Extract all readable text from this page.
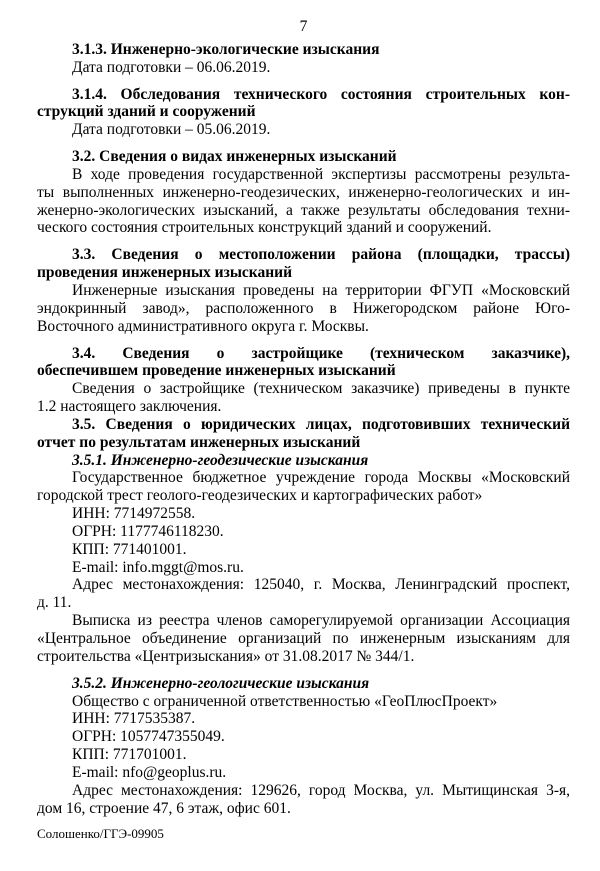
7
3.1.3. Инженерно-экологические изыскания
Дата подготовки – 06.06.2019.
3.1.4. Обследования технического состояния строительных кон-
струкций зданий и сооружений
Дата подготовки – 05.06.2019.
3.2. Сведения о видах инженерных изысканий
В ходе проведения государственной экспертизы рассмотрены результа-
ты выполненных инженерно-геодезических, инженерно-геологических и ин-
женерно-экологических изысканий, а также результаты обследования техни-
ческого состояния строительных конструкций зданий и сооружений.
3.3. Сведения о местоположении района (площадки, трассы)
проведения инженерных изысканий
Инженерные изыскания проведены на территории ФГУП «Московский
эндокринный завод», расположенного в Нижегородском районе Юго-
Восточного административного округа г. Москвы.
3.4. Сведения о застройщике (техническом заказчике),
обеспечившем проведение инженерных изысканий
Сведения о застройщике (техническом заказчике) приведены в пункте
1.2 настоящего заключения.
3.5. Сведения о юридических лицах, подготовивших технический
отчет по результатам инженерных изысканий
3.5.1. Инженерно-геодезические изыскания
Государственное бюджетное учреждение города Москвы «Московский
городской трест геолого-геодезических и картографических работ»
ИНН: 7714972558.
ОГРН: 1177746118230.
КПП: 771401001.
E-mail: info.mggt@mos.ru.
Адрес местонахождения: 125040, г. Москва, Ленинградский проспект,
д. 11.
Выписка из реестра членов саморегулируемой организации Ассоциация
«Центральное объединение организаций по инженерным изысканиям для
строительства «Центризыскания» от 31.08.2017 № 344/1.
3.5.2. Инженерно-геологические изыскания
Общество с ограниченной ответственностью «ГеоПлюсПроект»
ИНН: 7717535387.
ОГРН: 1057747355049.
КПП: 771701001.
E-mail: nfo@geoplus.ru.
Адрес местонахождения: 129626, город Москва, ул. Мытищинская 3-я,
дом 16, строение 47, 6 этаж, офис 601.
Солошенко/ГГЭ-09905
